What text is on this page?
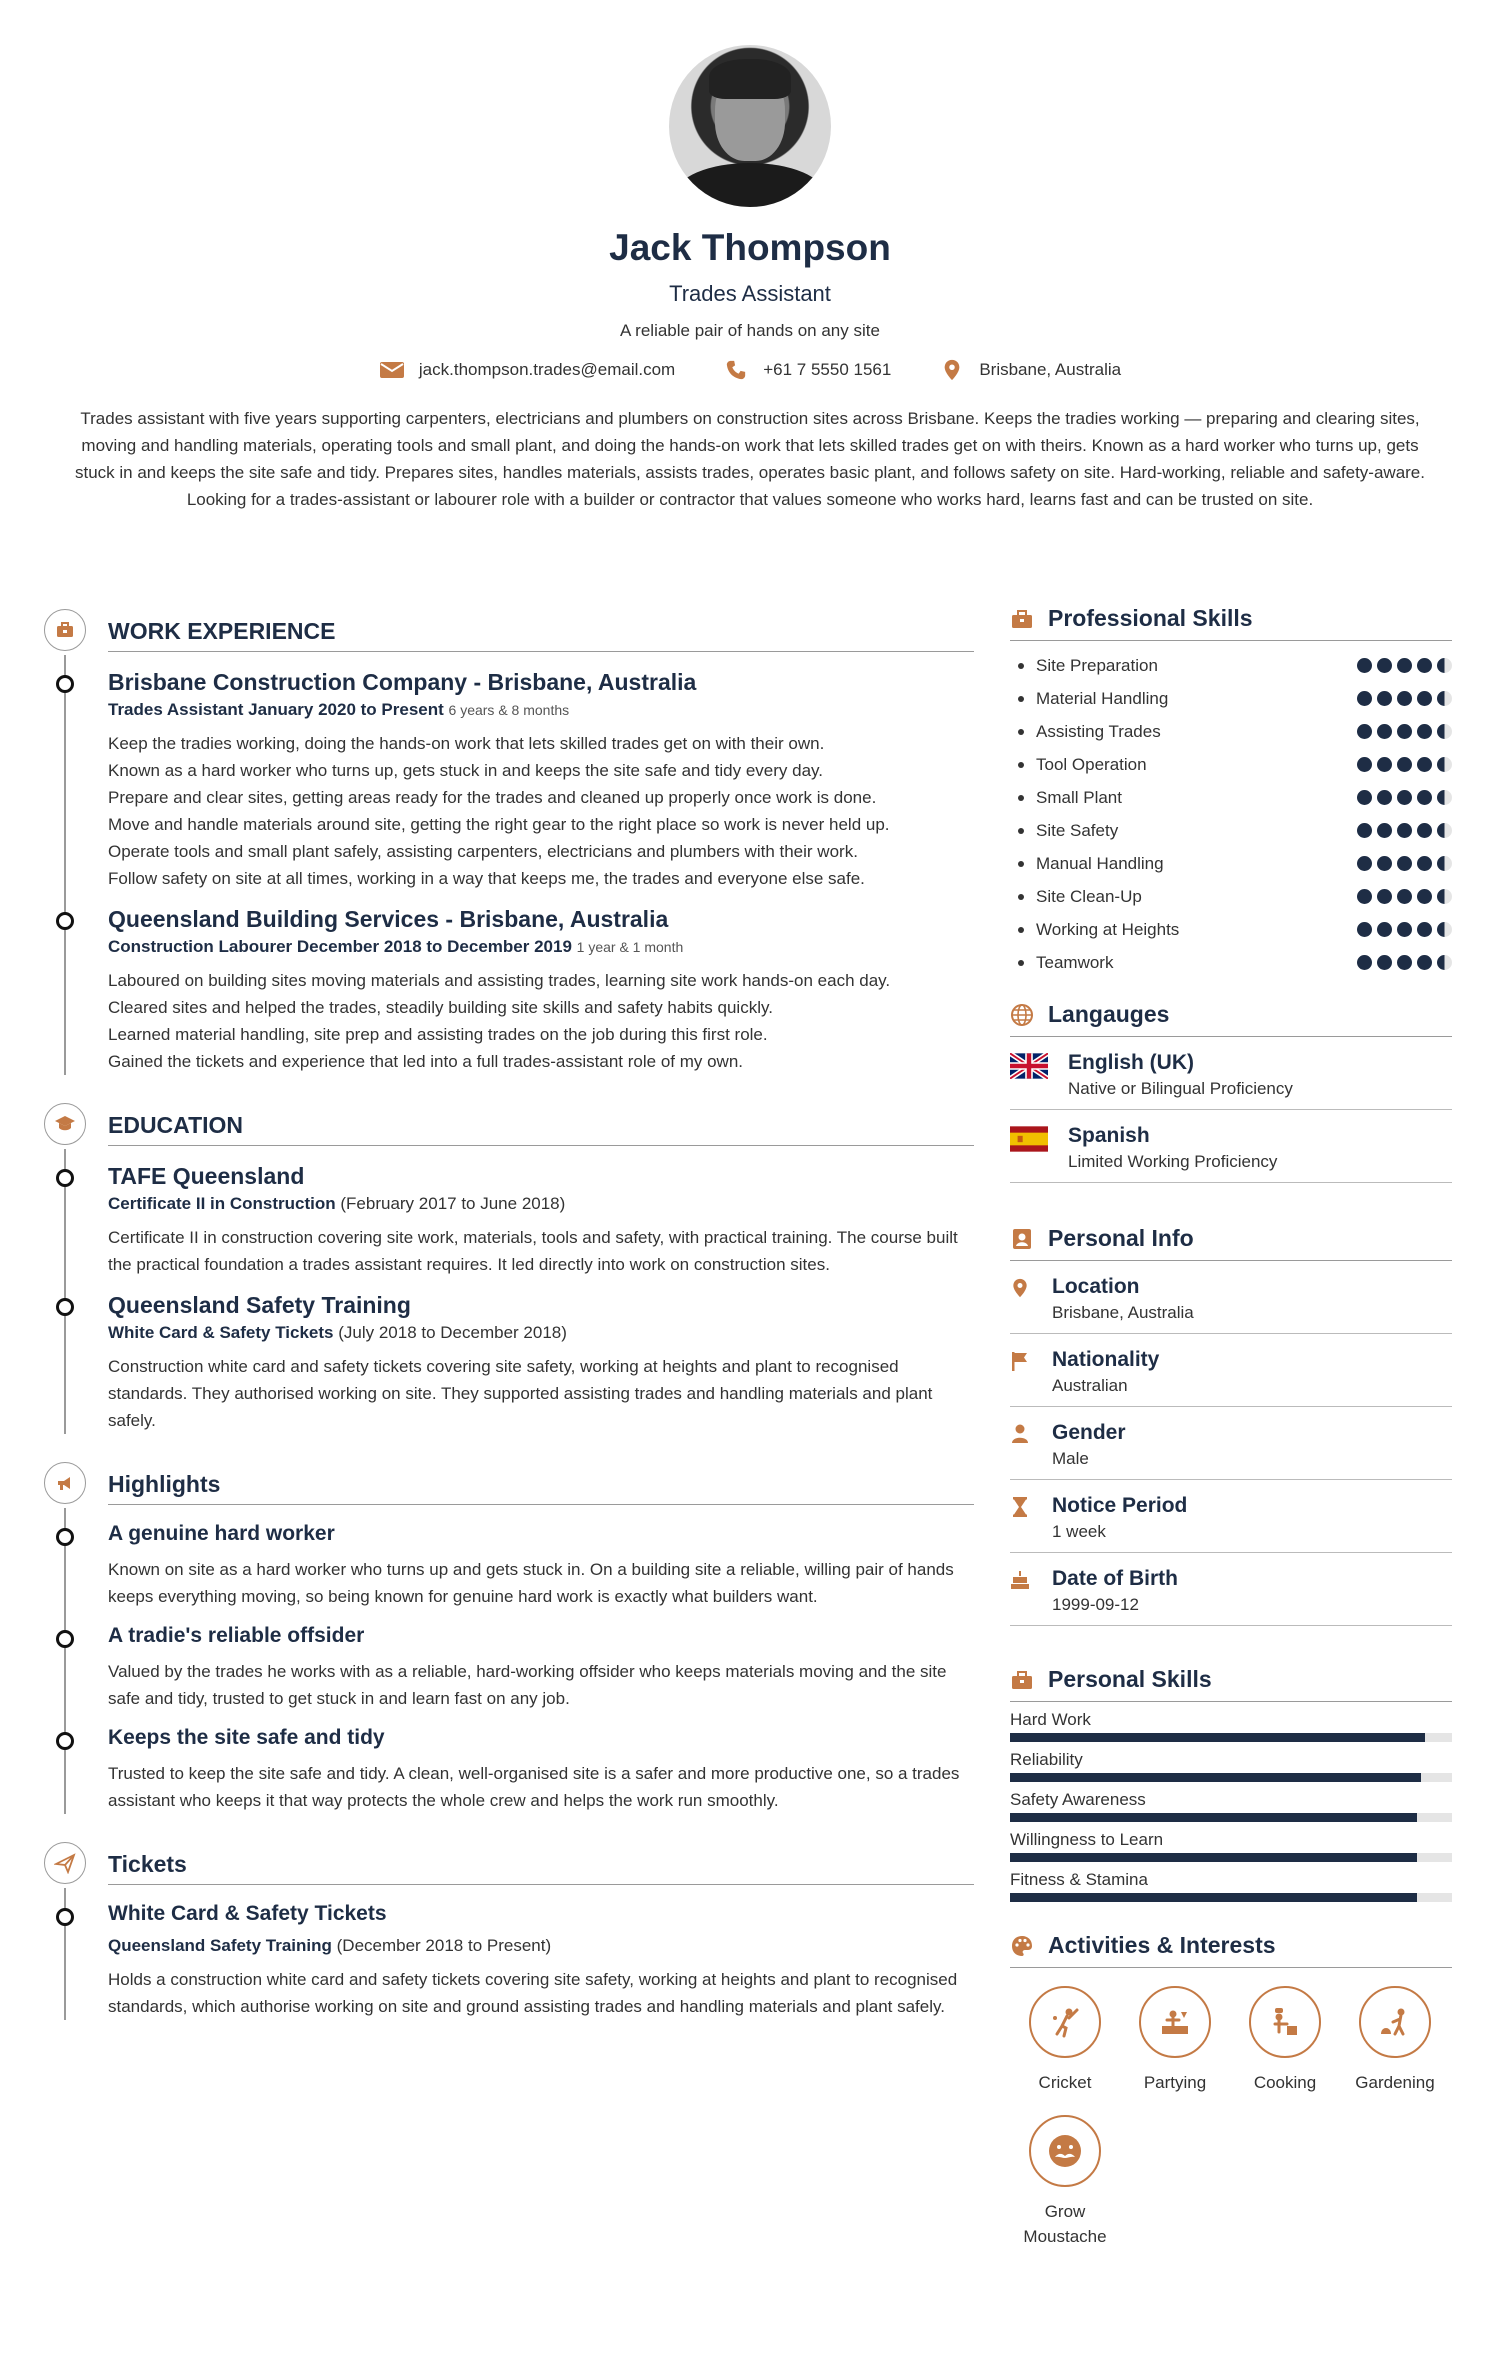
Jack Thompson
Trades Assistant
A reliable pair of hands on any site
jack.thompson.trades@email.com	+61 7 5550 1561	Brisbane, Australia
Trades assistant with five years supporting carpenters, electricians and plumbers on construction sites across Brisbane. Keeps the tradies working — preparing and clearing sites, moving and handling materials, operating tools and small plant, and doing the hands-on work that lets skilled trades get on with theirs. Known as a hard worker who turns up, gets stuck in and keeps the site safe and tidy. Prepares sites, handles materials, assists trades, operates basic plant, and follows safety on site. Hard-working, reliable and safety-aware. Looking for a trades-assistant or labourer role with a builder or contractor that values someone who works hard, learns fast and can be trusted on site.
WORK EXPERIENCE
Brisbane Construction Company - Brisbane, Australia
Trades Assistant January 2020 to Present 6 years & 8 months
Keep the tradies working, doing the hands-on work that lets skilled trades get on with their own.
Known as a hard worker who turns up, gets stuck in and keeps the site safe and tidy every day.
Prepare and clear sites, getting areas ready for the trades and cleaned up properly once work is done.
Move and handle materials around site, getting the right gear to the right place so work is never held up.
Operate tools and small plant safely, assisting carpenters, electricians and plumbers with their work.
Follow safety on site at all times, working in a way that keeps me, the trades and everyone else safe.
Queensland Building Services - Brisbane, Australia
Construction Labourer December 2018 to December 2019 1 year & 1 month
Laboured on building sites moving materials and assisting trades, learning site work hands-on each day.
Cleared sites and helped the trades, steadily building site skills and safety habits quickly.
Learned material handling, site prep and assisting trades on the job during this first role.
Gained the tickets and experience that led into a full trades-assistant role of my own.
EDUCATION
TAFE Queensland
Certificate II in Construction (February 2017 to June 2018)
Certificate II in construction covering site work, materials, tools and safety, with practical training. The course built the practical foundation a trades assistant requires. It led directly into work on construction sites.
Queensland Safety Training
White Card & Safety Tickets (July 2018 to December 2018)
Construction white card and safety tickets covering site safety, working at heights and plant to recognised standards. They authorised working on site. They supported assisting trades and handling materials and plant safely.
Highlights
A genuine hard worker
Known on site as a hard worker who turns up and gets stuck in. On a building site a reliable, willing pair of hands keeps everything moving, so being known for genuine hard work is exactly what builders want.
A tradie's reliable offsider
Valued by the trades he works with as a reliable, hard-working offsider who keeps materials moving and the site safe and tidy, trusted to get stuck in and learn fast on any job.
Keeps the site safe and tidy
Trusted to keep the site safe and tidy. A clean, well-organised site is a safer and more productive one, so a trades assistant who keeps it that way protects the whole crew and helps the work run smoothly.
Tickets
White Card & Safety Tickets
Queensland Safety Training (December 2018 to Present)
Holds a construction white card and safety tickets covering site safety, working at heights and plant to recognised standards, which authorise working on site and ground assisting trades and handling materials and plant safely.
Professional Skills
Site Preparation
Material Handling
Assisting Trades
Tool Operation
Small Plant
Site Safety
Manual Handling
Site Clean-Up
Working at Heights
Teamwork
Langauges
English (UK)
Native or Bilingual Proficiency
Spanish
Limited Working Proficiency
Personal Info
Location
Brisbane, Australia
Nationality
Australian
Gender
Male
Notice Period
1 week
Date of Birth
1999-09-12
Personal Skills
Hard Work
Reliability
Safety Awareness
Willingness to Learn
Fitness & Stamina
Activities & Interests
Cricket	Partying	Cooking	Gardening
Grow Moustache
